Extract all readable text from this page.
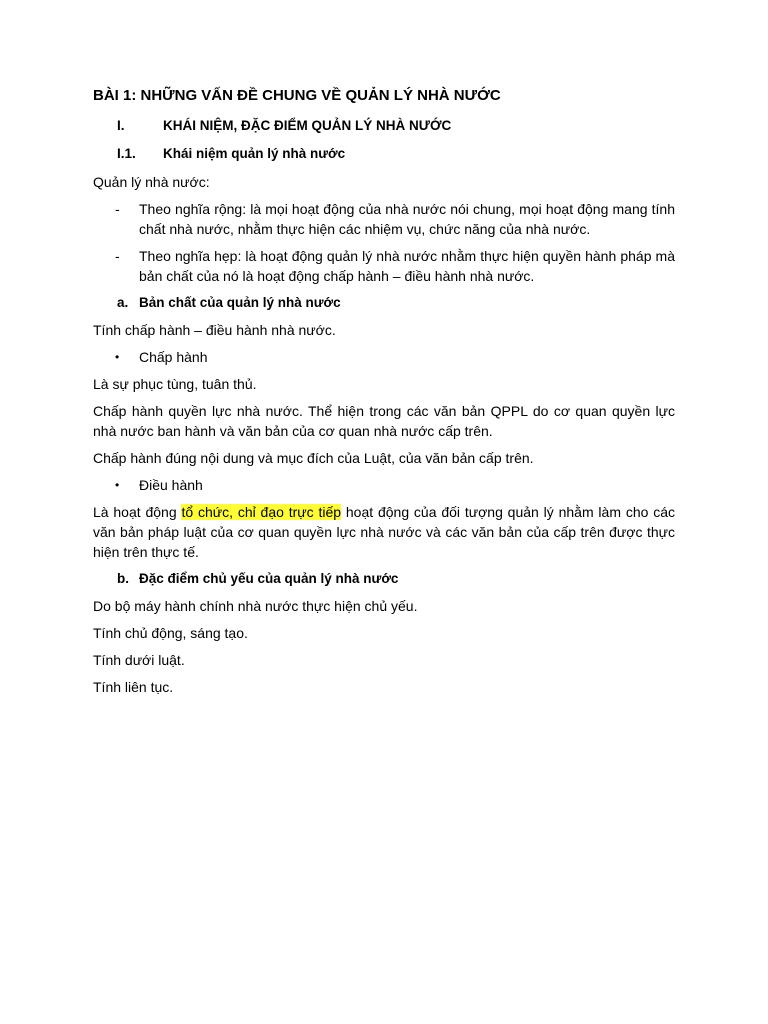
BÀI 1: NHỮNG VẤN ĐỀ CHUNG VỀ QUẢN LÝ NHÀ NƯỚC
I.	KHÁI NIỆM, ĐẶC ĐIỂM QUẢN LÝ NHÀ NƯỚC
I.1.	Khái niệm quản lý nhà nước
Quản lý nhà nước:
-	Theo nghĩa rộng: là mọi hoạt động của nhà nước nói chung, mọi hoạt động mang tính chất nhà nước, nhằm thực hiện các nhiệm vụ, chức năng của nhà nước.
-	Theo nghĩa hẹp: là hoạt động quản lý nhà nước nhằm thực hiện quyền hành pháp mà bản chất của nó là hoạt động chấp hành – điều hành nhà nước.
a. Bản chất của quản lý nhà nước
Tính chấp hành – điều hành nhà nước.
•	Chấp hành
Là sự phục tùng, tuân thủ.
Chấp hành quyền lực nhà nước. Thể hiện trong các văn bản QPPL do cơ quan quyền lực nhà nước ban hành và văn bản của cơ quan nhà nước cấp trên.
Chấp hành đúng nội dung và mục đích của Luật, của văn bản cấp trên.
•	Điều hành
Là hoạt động tổ chức, chỉ đạo trực tiếp hoạt động của đối tượng quản lý nhằm làm cho các văn bản pháp luật của cơ quan quyền lực nhà nước và các văn bản của cấp trên được thực hiện trên thực tế.
b. Đặc điểm chủ yếu của quản lý nhà nước
Do bộ máy hành chính nhà nước thực hiện chủ yếu.
Tính chủ động, sáng tạo.
Tính dưới luật.
Tính liên tục.
